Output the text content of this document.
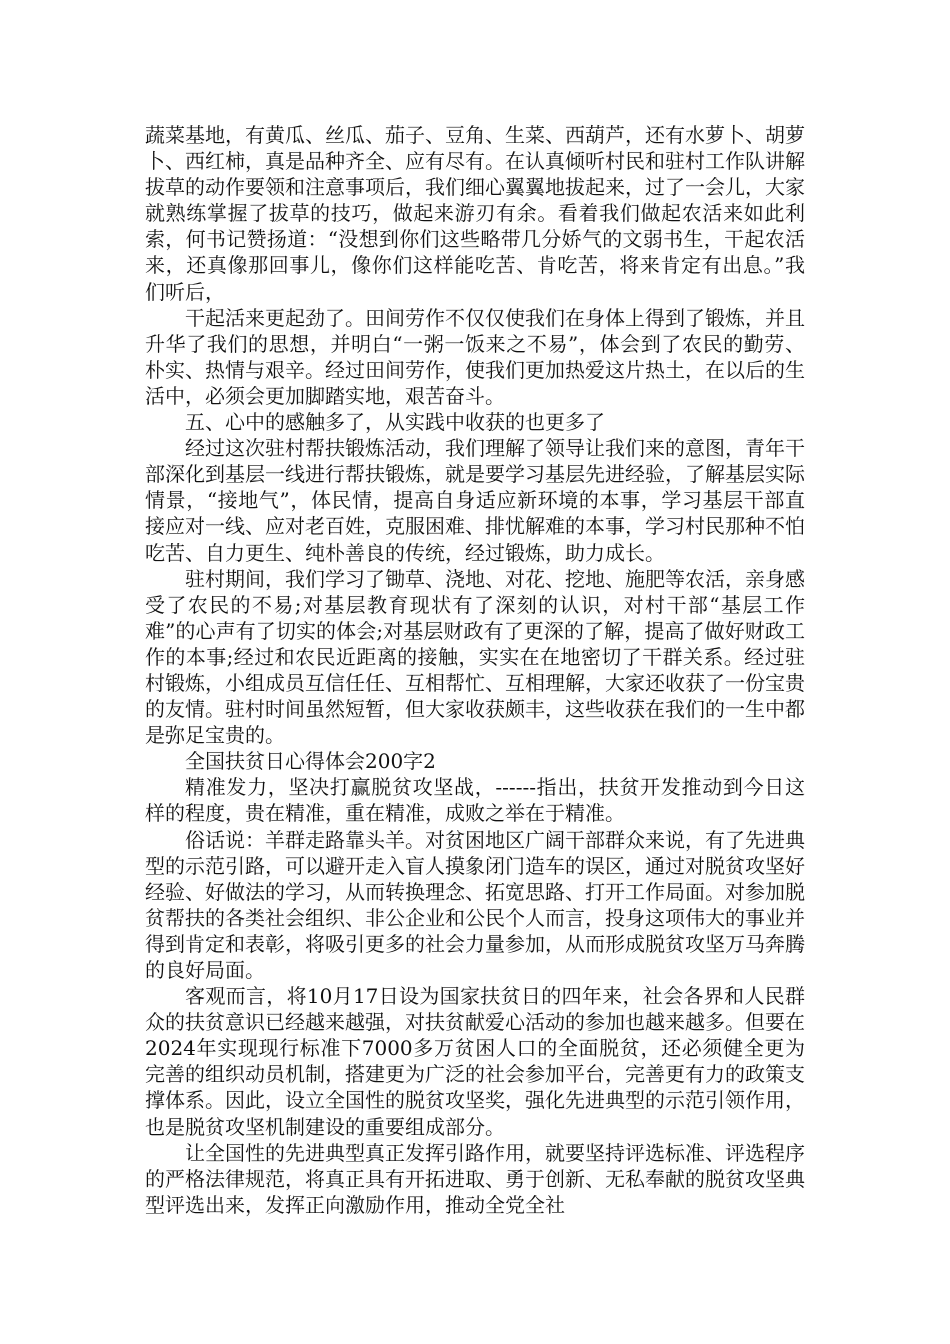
蔬菜基地，有黄瓜、丝瓜、茄子、豆角、生菜、西葫芦，还有水萝卜、胡萝卜、西红柿，真是品种齐全、应有尽有。在认真倾听村民和驻村工作队讲解拔草的动作要领和注意事项后，我们细心翼翼地拔起来，过了一会儿，大家就熟练掌握了拔草的技巧，做起来游刃有余。看着我们做起农活来如此利索，何书记赞扬道：“没想到你们这些略带几分娇气的文弱书生，干起农活来，还真像那回事儿，像你们这样能吃苦、肯吃苦，将来肯定有出息。”我们听后，

干起活来更起劲了。田间劳作不仅仅使我们在身体上得到了锻炼，并且升华了我们的思想，并明白“一粥一饭来之不易”，体会到了农民的勤劳、朴实、热情与艰辛。经过田间劳作，使我们更加热爱这片热土，在以后的生活中，必须会更加脚踏实地，艰苦奋斗。

五、心中的感触多了，从实践中收获的也更多了

经过这次驻村帮扶锻炼活动，我们理解了领导让我们来的意图，青年干部深化到基层一线进行帮扶锻炼，就是要学习基层先进经验，了解基层实际情景，“接地气”，体民情，提高自身适应新环境的本事，学习基层干部直接应对一线、应对老百姓，克服困难、排忧解难的本事，学习村民那种不怕吃苦、自力更生、纯朴善良的传统，经过锻炼，助力成长。

驻村期间，我们学习了锄草、浇地、对花、挖地、施肥等农活，亲身感受了农民的不易;对基层教育现状有了深刻的认识，对村干部“基层工作难”的心声有了切实的体会;对基层财政有了更深的了解，提高了做好财政工作的本事;经过和农民近距离的接触，实实在在地密切了干群关系。经过驻村锻炼，小组成员互信任任、互相帮忙、互相理解，大家还收获了一份宝贵的友情。驻村时间虽然短暂，但大家收获颇丰，这些收获在我们的一生中都是弥足宝贵的。

全国扶贫日心得体会200字2

精准发力，坚决打赢脱贫攻坚战，------指出，扶贫开发推动到今日这样的程度，贵在精准，重在精准，成败之举在于精准。

俗话说：羊群走路靠头羊。对贫困地区广阔干部群众来说，有了先进典型的示范引路，可以避开走入盲人摸象闭门造车的误区，通过对脱贫攻坚好经验、好做法的学习，从而转换理念、拓宽思路、打开工作局面。对参加脱贫帮扶的各类社会组织、非公企业和公民个人而言，投身这项伟大的事业并得到肯定和表彰，将吸引更多的社会力量参加，从而形成脱贫攻坚万马奔腾的良好局面。

客观而言，将10月17日设为国家扶贫日的四年来，社会各界和人民群众的扶贫意识已经越来越强，对扶贫献爱心活动的参加也越来越多。但要在2024年实现现行标准下7000多万贫困人口的全面脱贫，还必须健全更为完善的组织动员机制，搭建更为广泛的社会参加平台，完善更有力的政策支撑体系。因此，设立全国性的脱贫攻坚奖，强化先进典型的示范引领作用，也是脱贫攻坚机制建设的重要组成部分。

让全国性的先进典型真正发挥引路作用，就要坚持评选标准、评选程序的严格法律规范，将真正具有开拓进取、勇于创新、无私奉献的脱贫攻坚典型评选出来，发挥正向激励作用，推动全党全社
